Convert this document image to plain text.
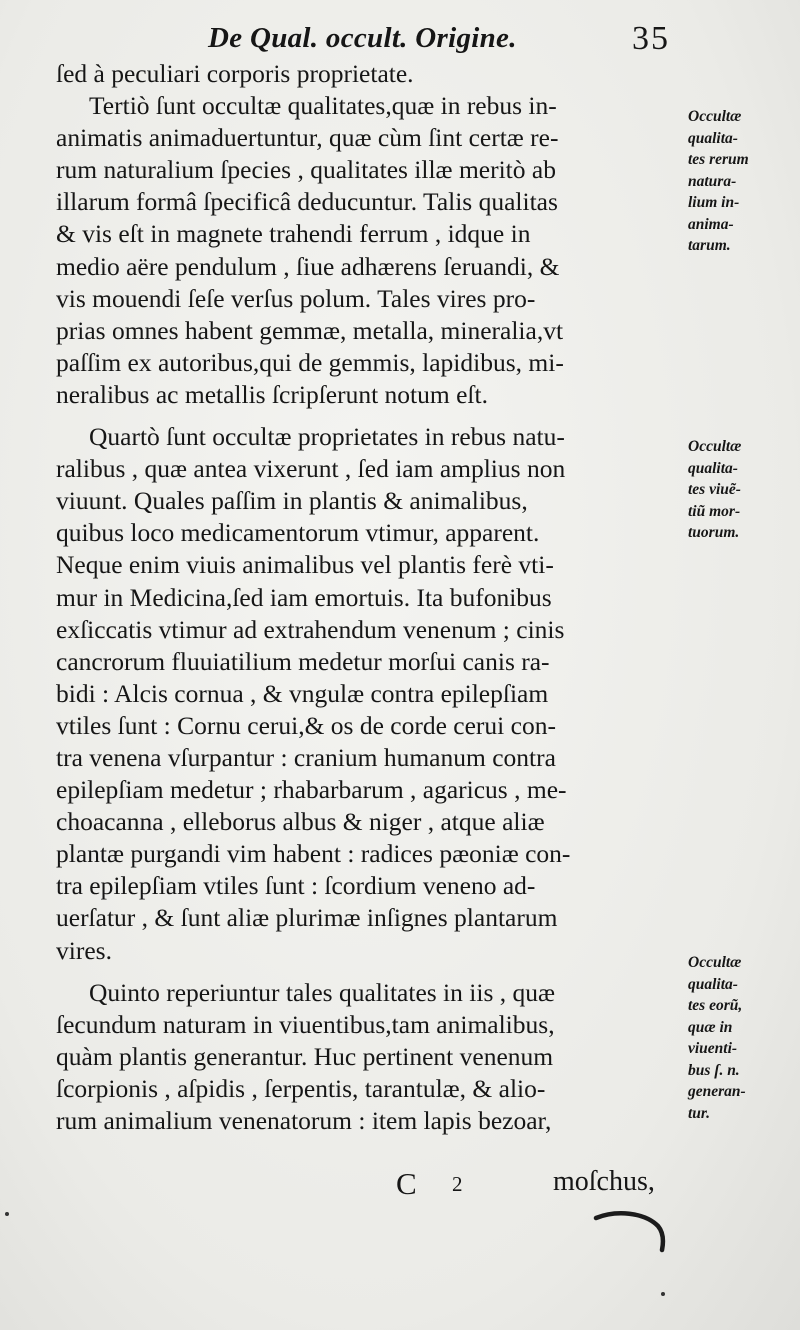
De Qual. occult. Origine.	35
ſed à peculiari corporis proprietate.
Tertiò ſunt occultæ qualitates,quæ in rebus in-
animatis animaduertuntur, quæ cùm ſint certæ re-
rum naturalium ſpecies , qualitates illæ meritò ab
illarum formâ ſpecificâ deducuntur. Talis qualitas
& vis eſt in magnete trahendi ferrum , idque in
medio aëre pendulum , ſiue adhærens ſeruandi, &
vis mouendi ſeſe verſus polum. Tales vires pro-
prias omnes habent gemmæ, metalla, mineralia,vt
paſſim ex autoribus,qui de gemmis, lapidibus, mi-
neralibus ac metallis ſcripſerunt notum eſt.
Quartò ſunt occultæ proprietates in rebus natu-
ralibus , quæ antea vixerunt , ſed iam amplius non
viuunt. Quales paſſim in plantis & animalibus,
quibus loco medicamentorum vtimur, apparent.
Neque enim viuis animalibus vel plantis ferè vti-
mur in Medicina,ſed iam emortuis. Ita bufonibus
exſiccatis vtimur ad extrahendum venenum ; cinis
cancrorum fluuiatilium medetur morſui canis ra-
bidi : Alcis cornua , & vngulæ contra epilepſiam
vtiles ſunt : Cornu cerui,& os de corde cerui con-
tra venena vſurpantur : cranium humanum contra
epilepſiam medetur ; rhabarbarum , agaricus , me-
choacanna , elleborus albus & niger , atque aliæ
plantæ purgandi vim habent : radices pæoniæ con-
tra epilepſiam vtiles ſunt : ſcordium veneno ad-
uerſatur , & ſunt aliæ plurimæ inſignes plantarum
vires.
Quinto reperiuntur tales qualitates in iis , quæ
ſecundum naturam in viuentibus,tam animalibus,
quàm plantis generantur. Huc pertinent venenum
ſcorpionis , aſpidis , ſerpentis, tarantulæ, & alio-
rum animalium venenatorum : item lapis bezoar,
Occultæ
qualita-
tes rerum
natura-
lium in-
anima-
tarum.
Occultæ
qualita-
tes viuẽ-
tiũ mor-
tuorum.
Occultæ
qualita-
tes eorũ,
quæ in
viuenti-
bus ſ. n.
generan-
tur.
C 2	moſchus,
